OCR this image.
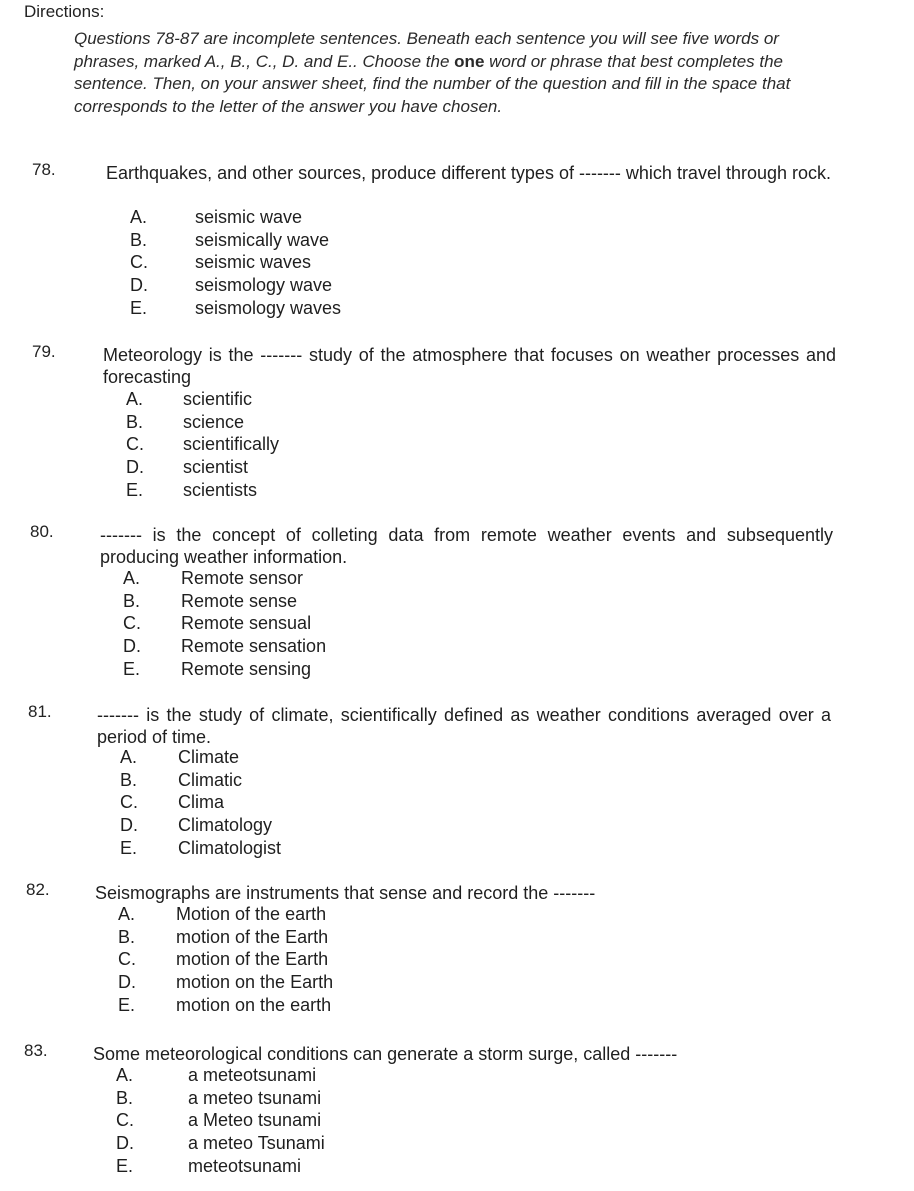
Directions:
Questions 78-87 are incomplete sentences. Beneath each sentence you will see five words or phrases, marked A., B., C., D. and E.. Choose the one word or phrase that best completes the sentence. Then, on your answer sheet, find the number of the question and fill in the space that corresponds to the letter of the answer you have chosen.
78.	Earthquakes, and other sources, produce different types of ------- which travel through rock.
A.	seismic wave
B.	seismically wave
C.	seismic waves
D.	seismology wave
E.	seismology waves
79.	Meteorology is the ------- study of the atmosphere that focuses on weather processes and forecasting
A. scientific
B. science
C. scientifically
D. scientist
E. scientists
80.	------- is the concept of colleting data from remote weather events and subsequently producing weather information.
A. Remote sensor
B. Remote sense
C. Remote sensual
D. Remote sensation
E. Remote sensing
81.	------- is the study of climate, scientifically defined as weather conditions averaged over a period of time.
A. Climate
B. Climatic
C. Clima
D. Climatology
E. Climatologist
82.	Seismographs are instruments that sense and record the -------
A. Motion of the earth
B. motion of the Earth
C. motion of the Earth
D. motion on the Earth
E. motion on the earth
83.	Some meteorological conditions can generate a storm surge, called -------
A.	a meteotsunami
B.	a meteo tsunami
C.	a Meteo tsunami
D.	a meteo Tsunami
E.	meteotsunami
